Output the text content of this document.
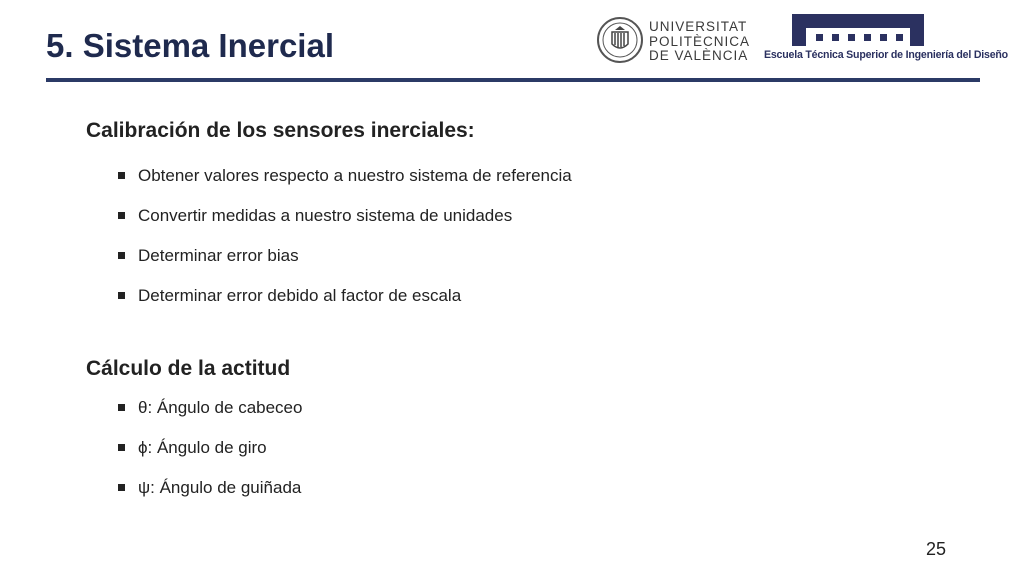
5. Sistema Inercial
UNIVERSITAT
POLITÈCNICA
DE VALÈNCIA Escuela Técnica Superior de Ingeniería del Diseño
Calibración de los sensores inerciales:
Obtener valores respecto a nuestro sistema de referencia
Convertir medidas a nuestro sistema de unidades
Determinar error bias
Determinar error debido al factor de escala
Cálculo de la actitud
θ: Ángulo de cabeceo
ϕ: Ángulo de giro
ψ: Ángulo de guiñada
25
